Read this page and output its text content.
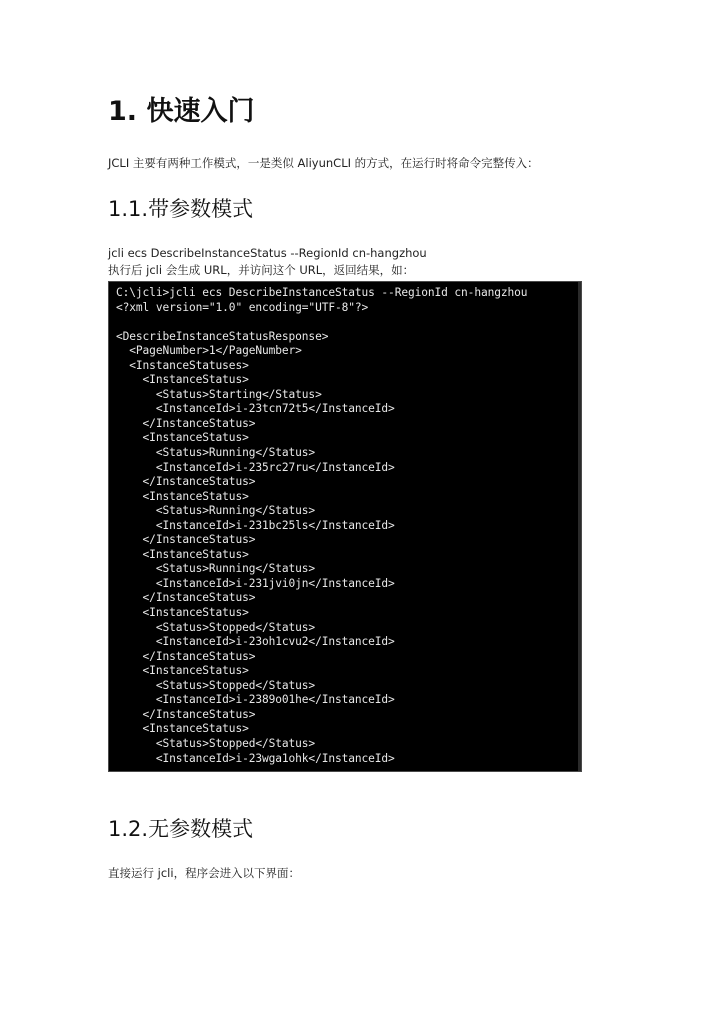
1. 快速入门
JCLI 主要有两种工作模式，一是类似 AliyunCLI 的方式，在运行时将命令完整传入：
1.1.带参数模式
jcli ecs DescribeInstanceStatus --RegionId cn-hangzhou
执行后 jcli 会生成 URL，并访问这个 URL，返回结果，如：
C:\jcli>jcli ecs DescribeInstanceStatus --RegionId cn-hangzhou
<?xml version="1.0" encoding="UTF-8"?>
<DescribeInstanceStatusResponse>
<PageNumber>1</PageNumber>
<InstanceStatuses>
<InstanceStatus>
<Status>Starting</Status>
<InstanceId>i-23tcn72t5</InstanceId>
</InstanceStatus>
<InstanceStatus>
<Status>Running</Status>
<InstanceId>i-235rc27ru</InstanceId>
</InstanceStatus>
<InstanceStatus>
<Status>Running</Status>
<InstanceId>i-231bc25ls</InstanceId>
</InstanceStatus>
<InstanceStatus>
<Status>Running</Status>
<InstanceId>i-231jvi0jn</InstanceId>
</InstanceStatus>
<InstanceStatus>
<Status>Stopped</Status>
<InstanceId>i-23oh1cvu2</InstanceId>
</InstanceStatus>
<InstanceStatus>
<Status>Stopped</Status>
<InstanceId>i-2389o01he</InstanceId>
</InstanceStatus>
<InstanceStatus>
<Status>Stopped</Status>
<InstanceId>i-23wga1ohk</InstanceId>
1.2.无参数模式
直接运行 jcli，程序会进入以下界面：
